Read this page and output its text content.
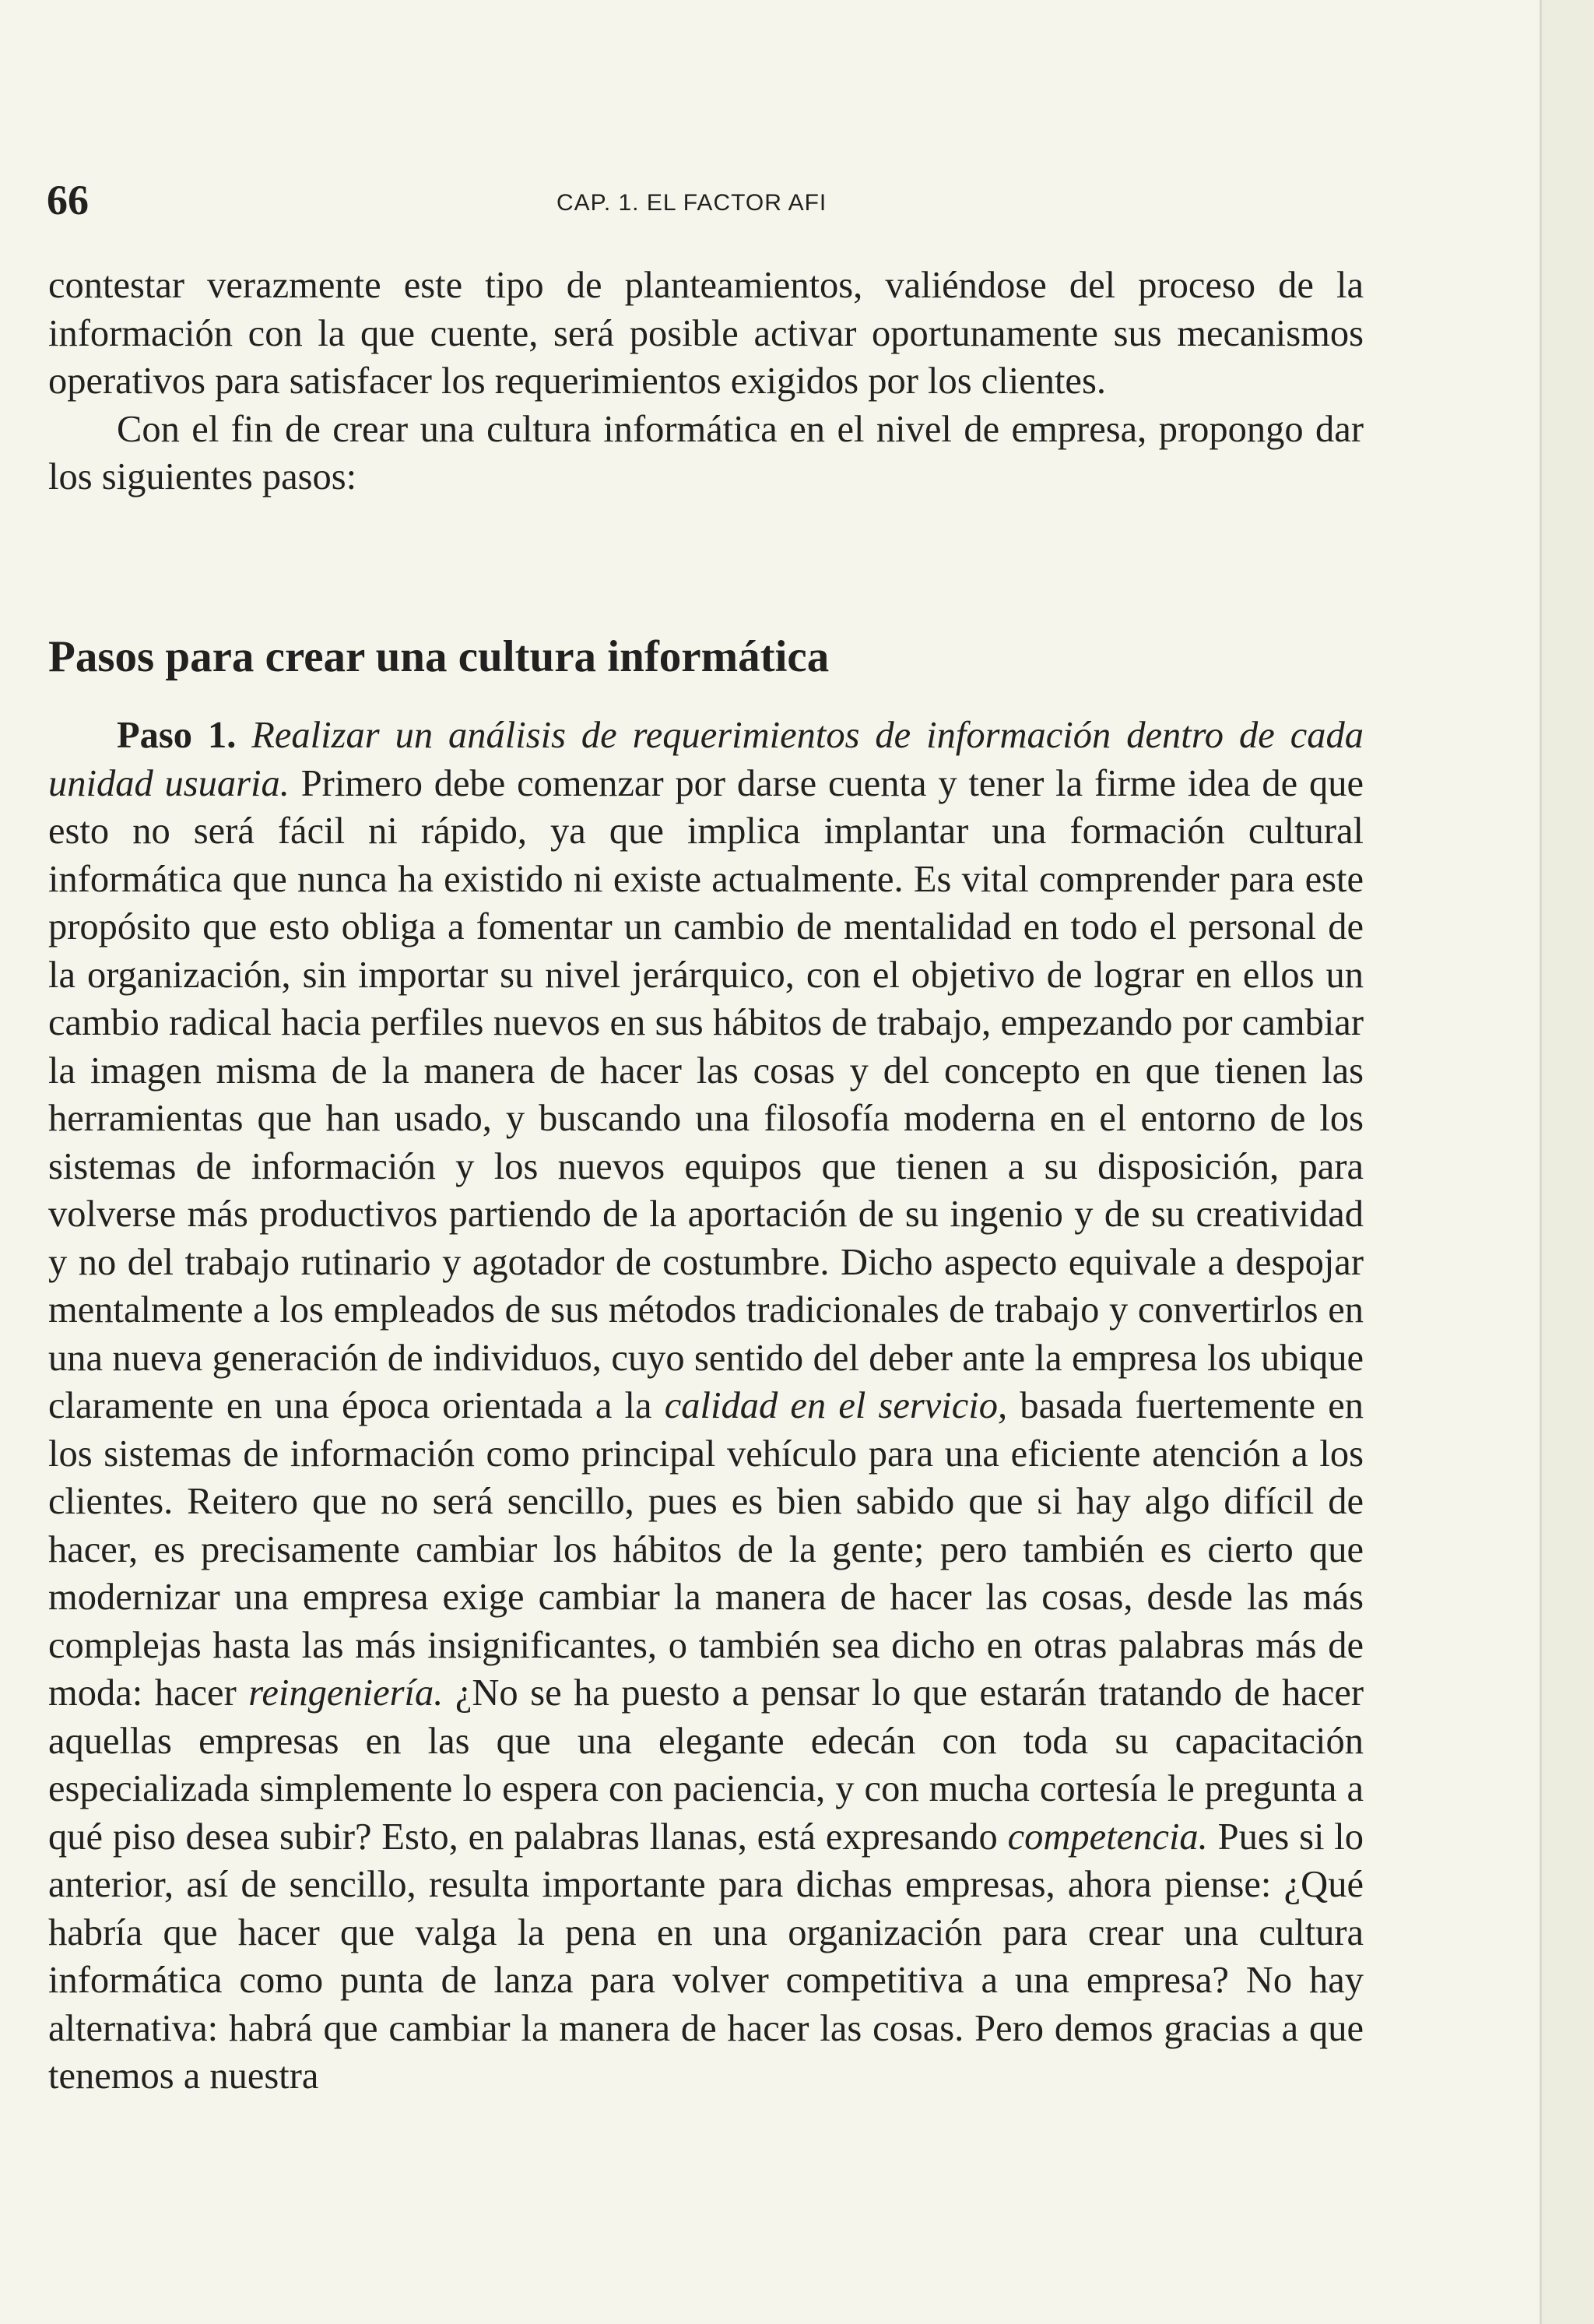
66	CAP. 1. EL FACTOR AFI

contestar verazmente este tipo de planteamientos, valiéndose del proceso de la información con la que cuente, será posible activar oportunamente sus mecanismos operativos para satisfacer los requerimientos exigidos por los clientes.

Con el fin de crear una cultura informática en el nivel de empresa, propongo dar los siguientes pasos:

Pasos para crear una cultura informática

Paso 1. Realizar un análisis de requerimientos de información dentro de cada unidad usuaria. Primero debe comenzar por darse cuenta y tener la firme idea de que esto no será fácil ni rápido, ya que implica implantar una formación cultural informática que nunca ha existido ni existe actualmente. Es vital comprender para este propósito que esto obliga a fomentar un cambio de mentalidad en todo el personal de la organización, sin importar su nivel jerárquico, con el objetivo de lograr en ellos un cambio radical hacia perfiles nuevos en sus hábitos de trabajo, empezando por cambiar la imagen misma de la manera de hacer las cosas y del concepto en que tienen las herramientas que han usado, y buscando una filosofía moderna en el entorno de los sistemas de información y los nuevos equipos que tienen a su disposición, para volverse más productivos partiendo de la aportación de su ingenio y de su creatividad y no del trabajo rutinario y agotador de costumbre. Dicho aspecto equivale a despojar mentalmente a los empleados de sus métodos tradicionales de trabajo y convertirlos en una nueva generación de individuos, cuyo sentido del deber ante la empresa los ubique claramente en una época orientada a la calidad en el servicio, basada fuertemente en los sistemas de información como principal vehículo para una eficiente atención a los clientes. Reitero que no será sencillo, pues es bien sabido que si hay algo difícil de hacer, es precisamente cambiar los hábitos de la gente; pero también es cierto que modernizar una empresa exige cambiar la manera de hacer las cosas, desde las más complejas hasta las más insignificantes, o también sea dicho en otras palabras más de moda: hacer reingeniería. ¿No se ha puesto a pensar lo que estarán tratando de hacer aquellas empresas en las que una elegante edecán con toda su capacitación especializada simplemente lo espera con paciencia, y con mucha cortesía le pregunta a qué piso desea subir? Esto, en palabras llanas, está expresando competencia. Pues si lo anterior, así de sencillo, resulta importante para dichas empresas, ahora piense: ¿Qué habría que hacer que valga la pena en una organización para crear una cultura informática como punta de lanza para volver competitiva a una empresa? No hay alternativa: habrá que cambiar la manera de hacer las cosas. Pero demos gracias a que tenemos a nuestra
